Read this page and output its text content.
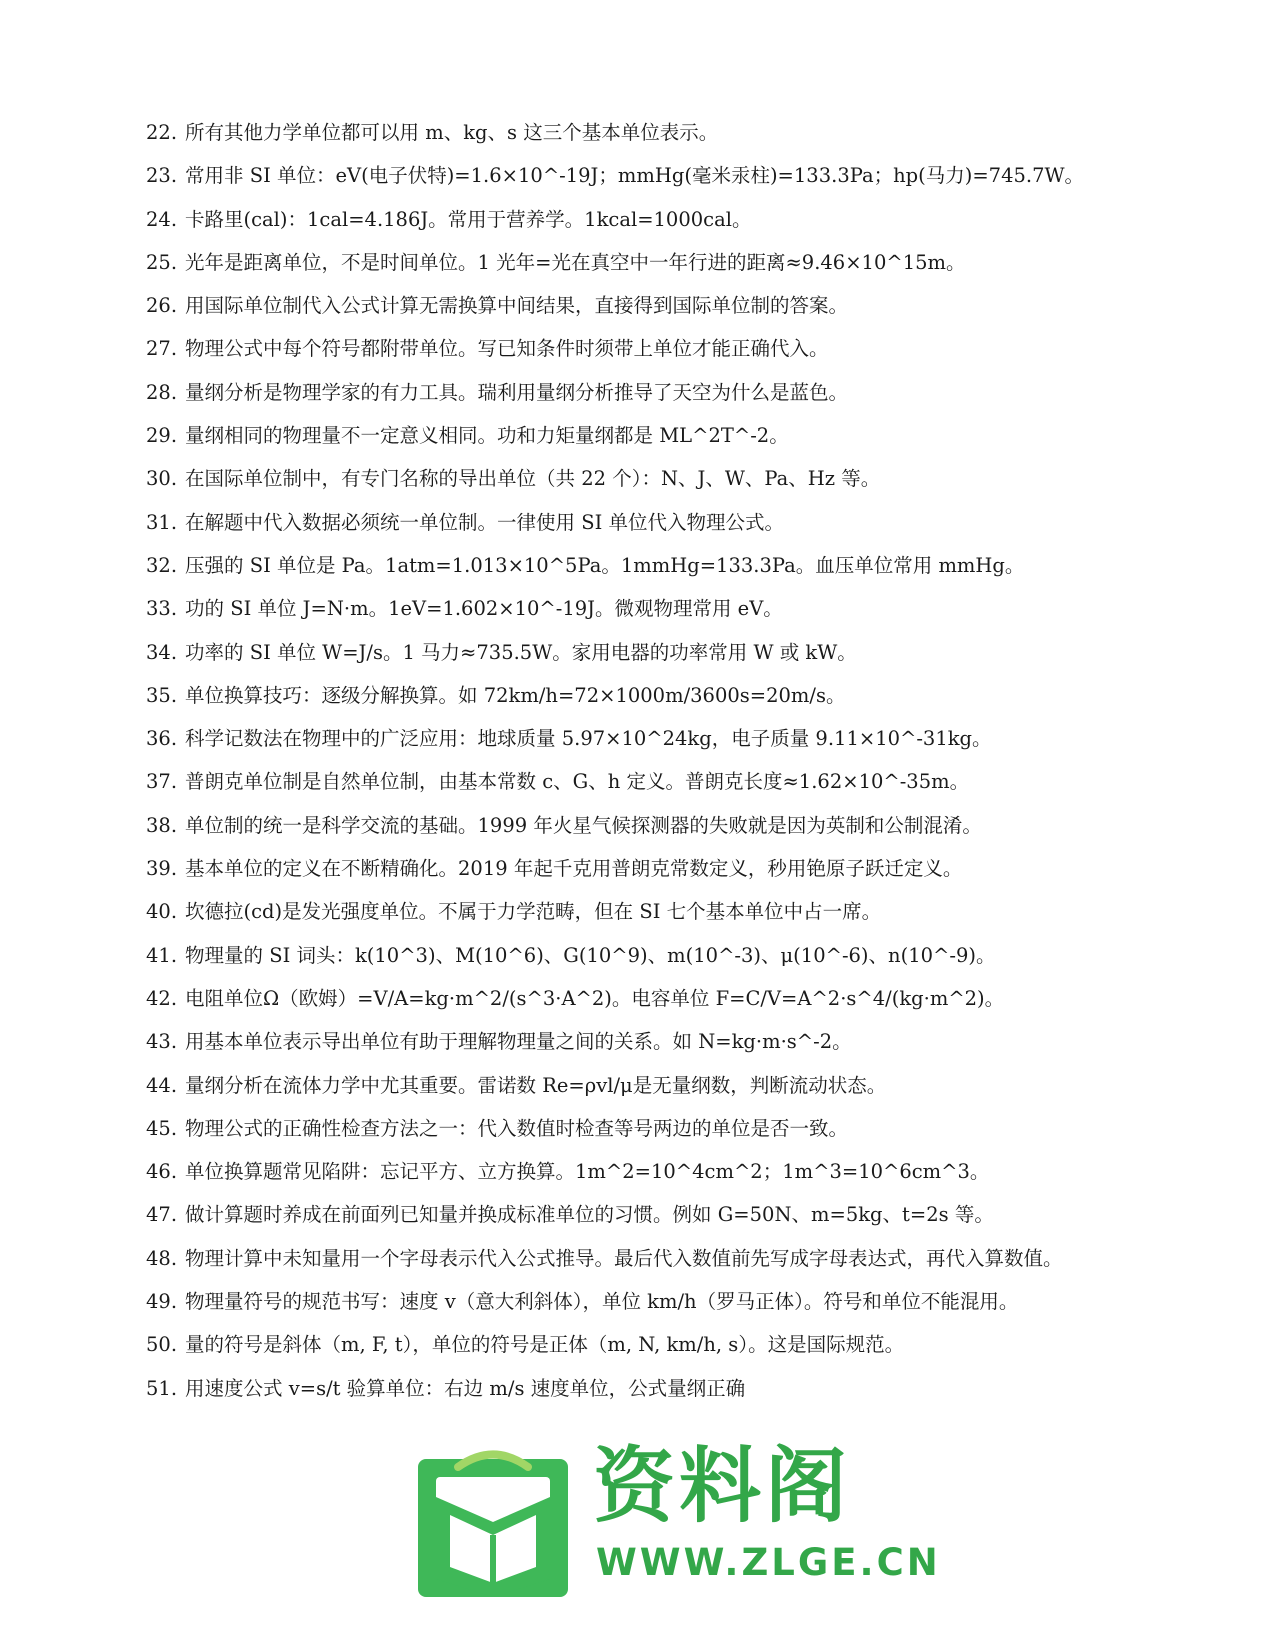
22. 所有其他力学单位都可以用 m、kg、s 这三个基本单位表示。
23. 常用非 SI 单位：eV(电子伏特)=1.6×10^-19J；mmHg(毫米汞柱)=133.3Pa；hp(马力)=745.7W。
24. 卡路里(cal)：1cal=4.186J。常用于营养学。1kcal=1000cal。
25. 光年是距离单位，不是时间单位。1 光年=光在真空中一年行进的距离≈9.46×10^15m。
26. 用国际单位制代入公式计算无需换算中间结果，直接得到国际单位制的答案。
27. 物理公式中每个符号都附带单位。写已知条件时须带上单位才能正确代入。
28. 量纲分析是物理学家的有力工具。瑞利用量纲分析推导了天空为什么是蓝色。
29. 量纲相同的物理量不一定意义相同。功和力矩量纲都是 ML^2T^-2。
30. 在国际单位制中，有专门名称的导出单位（共 22 个）：N、J、W、Pa、Hz 等。
31. 在解题中代入数据必须统一单位制。一律使用 SI 单位代入物理公式。
32. 压强的 SI 单位是 Pa。1atm=1.013×10^5Pa。1mmHg=133.3Pa。血压单位常用 mmHg。
33. 功的 SI 单位 J=N·m。1eV=1.602×10^-19J。微观物理常用 eV。
34. 功率的 SI 单位 W=J/s。1 马力≈735.5W。家用电器的功率常用 W 或 kW。
35. 单位换算技巧：逐级分解换算。如 72km/h=72×1000m/3600s=20m/s。
36. 科学记数法在物理中的广泛应用：地球质量 5.97×10^24kg，电子质量 9.11×10^-31kg。
37. 普朗克单位制是自然单位制，由基本常数 c、G、h 定义。普朗克长度≈1.62×10^-35m。
38. 单位制的统一是科学交流的基础。1999 年火星气候探测器的失败就是因为英制和公制混淆。
39. 基本单位的定义在不断精确化。2019 年起千克用普朗克常数定义，秒用铯原子跃迁定义。
40. 坎德拉(cd)是发光强度单位。不属于力学范畴，但在 SI 七个基本单位中占一席。
41. 物理量的 SI 词头：k(10^3)、M(10^6)、G(10^9)、m(10^-3)、μ(10^-6)、n(10^-9)。
42. 电阻单位Ω（欧姆）=V/A=kg·m^2/(s^3·A^2)。电容单位 F=C/V=A^2·s^4/(kg·m^2)。
43. 用基本单位表示导出单位有助于理解物理量之间的关系。如 N=kg·m·s^-2。
44. 量纲分析在流体力学中尤其重要。雷诺数 Re=ρvl/μ是无量纲数，判断流动状态。
45. 物理公式的正确性检查方法之一：代入数值时检查等号两边的单位是否一致。
46. 单位换算题常见陷阱：忘记平方、立方换算。1m^2=10^4cm^2；1m^3=10^6cm^3。
47. 做计算题时养成在前面列已知量并换成标准单位的习惯。例如 G=50N、m=5kg、t=2s 等。
48. 物理计算中未知量用一个字母表示代入公式推导。最后代入数值前先写成字母表达式，再代入算数值。
49. 物理量符号的规范书写：速度 v（意大利斜体），单位 km/h（罗马正体）。符号和单位不能混用。
50. 量的符号是斜体（m, F, t），单位的符号是正体（m, N, km/h, s）。这是国际规范。
51. 用速度公式 v=s/t 验算单位：右边 m/s 速度单位，公式量纲正确
资料阁
WWW.ZLGE.CN
